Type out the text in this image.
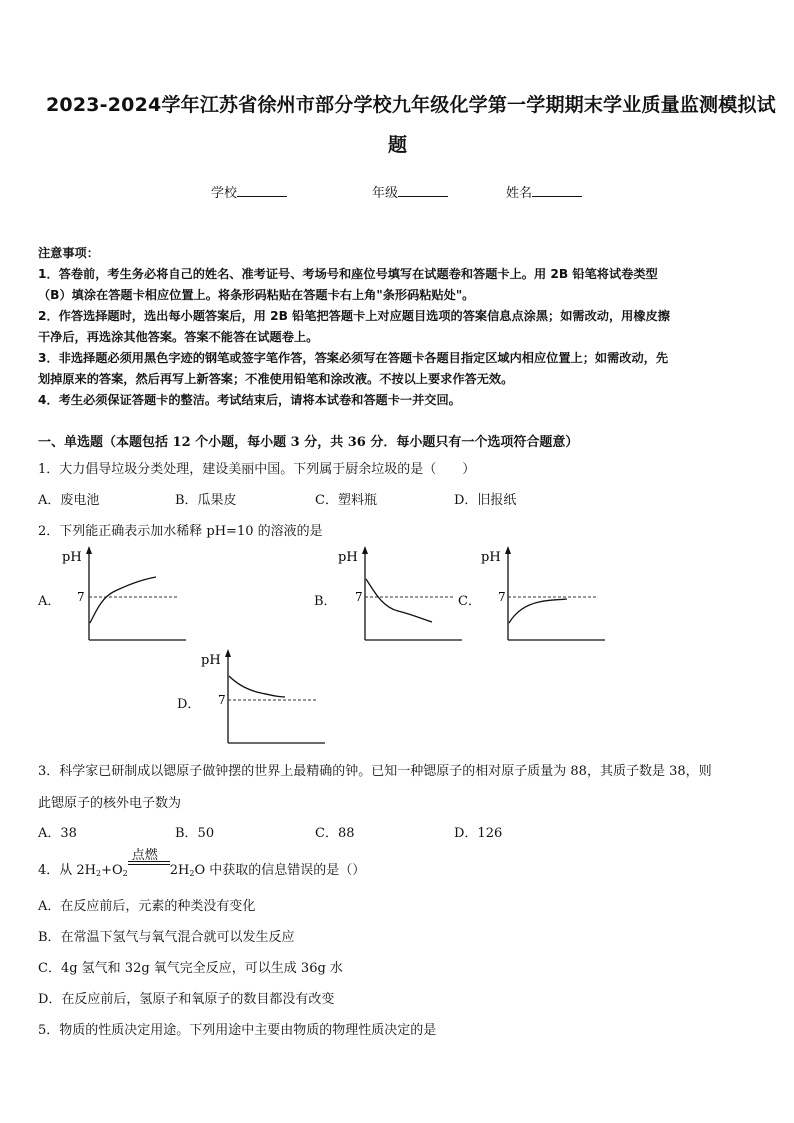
2023-2024学年江苏省徐州市部分学校九年级化学第一学期期末学业质量监测模拟试
题
学校	年级	姓名
注意事项：
1．答卷前，考生务必将自己的姓名、准考证号、考场号和座位号填写在试题卷和答题卡上。用 2B 铅笔将试卷类型
（B）填涂在答题卡相应位置上。将条形码粘贴在答题卡右上角"条形码粘贴处"。
2．作答选择题时，选出每小题答案后，用 2B 铅笔把答题卡上对应题目选项的答案信息点涂黑；如需改动，用橡皮擦
干净后，再选涂其他答案。答案不能答在试题卷上。
3．非选择题必须用黑色字迹的钢笔或签字笔作答，答案必须写在答题卡各题目指定区域内相应位置上；如需改动，先
划掉原来的答案，然后再写上新答案；不准使用铅笔和涂改液。不按以上要求作答无效。
4．考生必须保证答题卡的整洁。考试结束后，请将本试卷和答题卡一并交回。
一、单选题（本题包括 12 个小题，每小题 3 分，共 36 分．每小题只有一个选项符合题意）
1．大力倡导垃圾分类处理，建设美丽中国。下列属于厨余垃圾的是（　　）
A．废电池	B．瓜果皮	C．塑料瓶	D．旧报纸
2．下列能正确表示加水稀释 pH=10 的溶液的是
A．	B．	C．
D．
pH
7
pH
7
pH
7
pH
7
3．科学家已研制成以锶原子做钟摆的世界上最精确的钟。已知一种锶原子的相对原子质量为 88，其质子数是 38，则
此锶原子的核外电子数为
A．38	B．50	C．88	D．126
4．从 $2H_2+O_2$
点燃
$2H_2O$ 中获取的信息错误的是（）
A．在反应前后，元素的种类没有变化
B．在常温下氢气与氧气混合就可以发生反应
C．4g 氢气和 32g 氧气完全反应，可以生成 36g 水
D．在反应前后，氢原子和氧原子的数目都没有改变
5．物质的性质决定用途。下列用途中主要由物质的物理性质决定的是
